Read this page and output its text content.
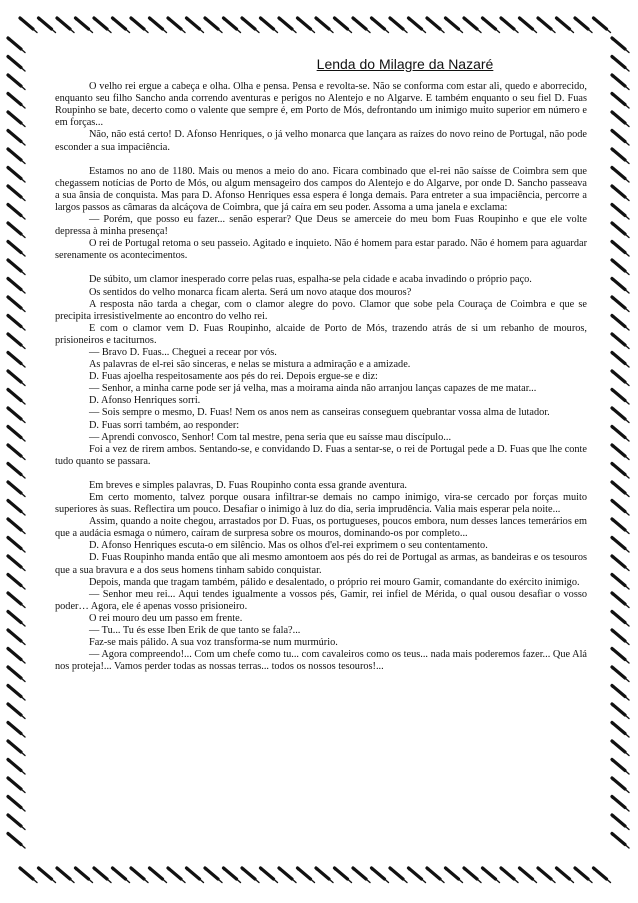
Lenda do Milagre da Nazaré

O velho rei ergue a cabeça e olha. Olha e pensa. Pensa e revolta-se. Não se conforma com estar ali, quedo e aborrecido, enquanto seu filho Sancho anda correndo aventuras e perigos no Alentejo e no Algarve. E também enquanto o seu fiel D. Fuas Roupinho se bate, decerto como o valente que sempre é, em Porto de Mós, defrontando um inimigo muito superior em número e em forças...

Não, não está certo! D. Afonso Henriques, o já velho monarca que lançara as raízes do novo reino de Portugal, não pode esconder a sua impaciência.

Estamos no ano de 1180. Mais ou menos a meio do ano. Ficara combinado que el-rei não saísse de Coimbra sem que chegassem notícias de Porto de Mós, ou algum mensageiro dos campos do Alentejo e do Algarve, por onde D. Sancho passeava a sua ânsia de conquista. Mas para D. Afonso Henriques essa espera é longa demais. Para entreter a sua impaciência, percorre a largos passos as câmaras da alcáçova de Coimbra, que já caíra em seu poder. Assoma a uma janela e exclama:

— Porém, que posso eu fazer... senão esperar? Que Deus se amerceie do meu bom Fuas Roupinho e que ele volte depressa à minha presença!

O rei de Portugal retoma o seu passeio. Agitado e inquieto. Não é homem para estar parado. Não é homem para aguardar serenamente os acontecimentos.

De súbito, um clamor inesperado corre pelas ruas, espalha-se pela cidade e acaba invadindo o próprio paço.

Os sentidos do velho monarca ficam alerta. Será um novo ataque dos mouros?

A resposta não tarda a chegar, com o clamor alegre do povo. Clamor que sobe pela Couraça de Coimbra e que se precipita irresistivelmente ao encontro do velho rei.

E com o clamor vem D. Fuas Roupinho, alcaide de Porto de Mós, trazendo atrás de si um rebanho de mouros, prisioneiros e taciturnos.

— Bravo D. Fuas... Cheguei a recear por vós.

As palavras de el-rei são sinceras, e nelas se mistura a admiração e a amizade.

D. Fuas ajoelha respeitosamente aos pés do rei. Depois ergue-se e diz:

— Senhor, a minha carne pode ser já velha, mas a moirama ainda não arranjou lanças capazes de me matar...

D. Afonso Henriques sorri.

— Sois sempre o mesmo, D. Fuas! Nem os anos nem as canseiras conseguem quebrantar vossa alma de lutador.

D. Fuas sorri também, ao responder:

— Aprendi convosco, Senhor! Com tal mestre, pena seria que eu saísse mau discípulo...

Foi a vez de rirem ambos. Sentando-se, e convidando D. Fuas a sentar-se, o rei de Portugal pede a D. Fuas que lhe conte tudo quanto se passara.

Em breves e simples palavras, D. Fuas Roupinho conta essa grande aventura.

Em certo momento, talvez porque ousara infiltrar-se demais no campo inimigo, vira-se cercado por forças muito superiores às suas. Reflectira um pouco. Desafiar o inimigo à luz do dia, seria imprudência. Valia mais esperar pela noite...

Assim, quando a noite chegou, arrastados por D. Fuas, os portugueses, poucos embora, num desses lances temerários em que a audácia esmaga o número, caíram de surpresa sobre os mouros, dominando-os por completo...

D. Afonso Henriques escuta-o em silêncio. Mas os olhos d'el-rei exprimem o seu contentamento.

D. Fuas Roupinho manda então que ali mesmo amontoem aos pés do rei de Portugal as armas, as bandeiras e os tesouros que a sua bravura e a dos seus homens tinham sabido conquistar.

Depois, manda que tragam também, pálido e desalentado, o próprio rei mouro Gamir, comandante do exército inimigo.

— Senhor meu rei... Aqui tendes igualmente a vossos pés, Gamir, rei infiel de Mérida, o qual ousou desafiar o vosso poder… Agora, ele é apenas vosso prisioneiro.

O rei mouro deu um passo em frente.

— Tu... Tu és esse Iben Erik de que tanto se fala?...

Faz-se mais pálido. A sua voz transforma-se num murmúrio.

— Agora compreendo!... Com um chefe como tu... com cavaleiros como os teus... nada mais poderemos fazer... Que Alá nos proteja!... Vamos perder todas as nossas terras... todos os nossos tesouros!...
